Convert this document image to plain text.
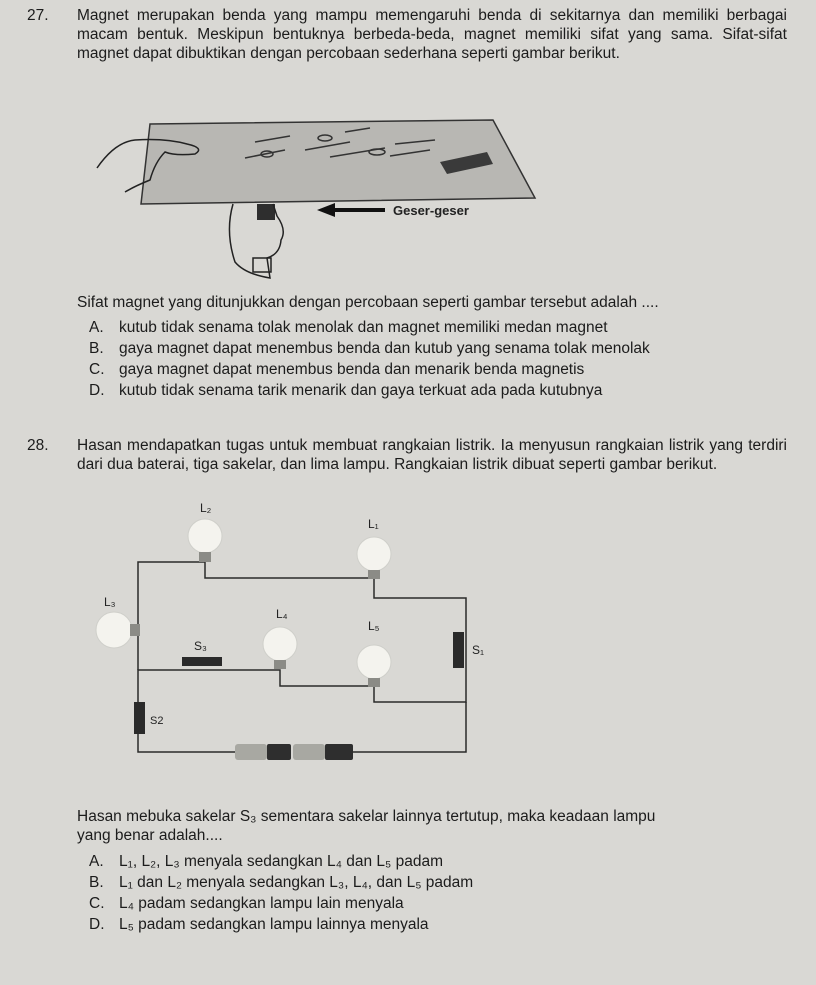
27. Magnet merupakan benda yang mampu memengaruhi benda di sekitarnya dan memiliki berbagai macam bentuk. Meskipun bentuknya berbeda-beda, magnet memiliki sifat yang sama. Sifat-sifat magnet dapat dibuktikan dengan percobaan sederhana seperti gambar berikut.
Geser-geser
Sifat magnet yang ditunjukkan dengan percobaan seperti gambar tersebut adalah ....
A. kutub tidak senama tolak menolak dan magnet memiliki medan magnet
B. gaya magnet dapat menembus benda dan kutub yang senama tolak menolak
C. gaya magnet dapat menembus benda dan menarik benda magnetis
D. kutub tidak senama tarik menarik dan gaya terkuat ada pada kutubnya
28. Hasan mendapatkan tugas untuk membuat rangkaian listrik. Ia menyusun rangkaian listrik yang terdiri dari dua baterai, tiga sakelar, dan lima lampu. Rangkaian listrik dibuat seperti gambar berikut.
L₂
L₁
L₃
L₄
L₅
S₃	S₁
S2
Hasan mebuka sakelar S₃ sementara sakelar lainnya tertutup, maka keadaan lampu
yang benar adalah....
A. L₁, L₂, L₃ menyala sedangkan L₄ dan L₅ padam
B. L₁ dan L₂ menyala sedangkan L₃, L₄, dan L₅ padam
C. L₄ padam sedangkan lampu lain menyala
D. L₅ padam sedangkan lampu lainnya menyala
